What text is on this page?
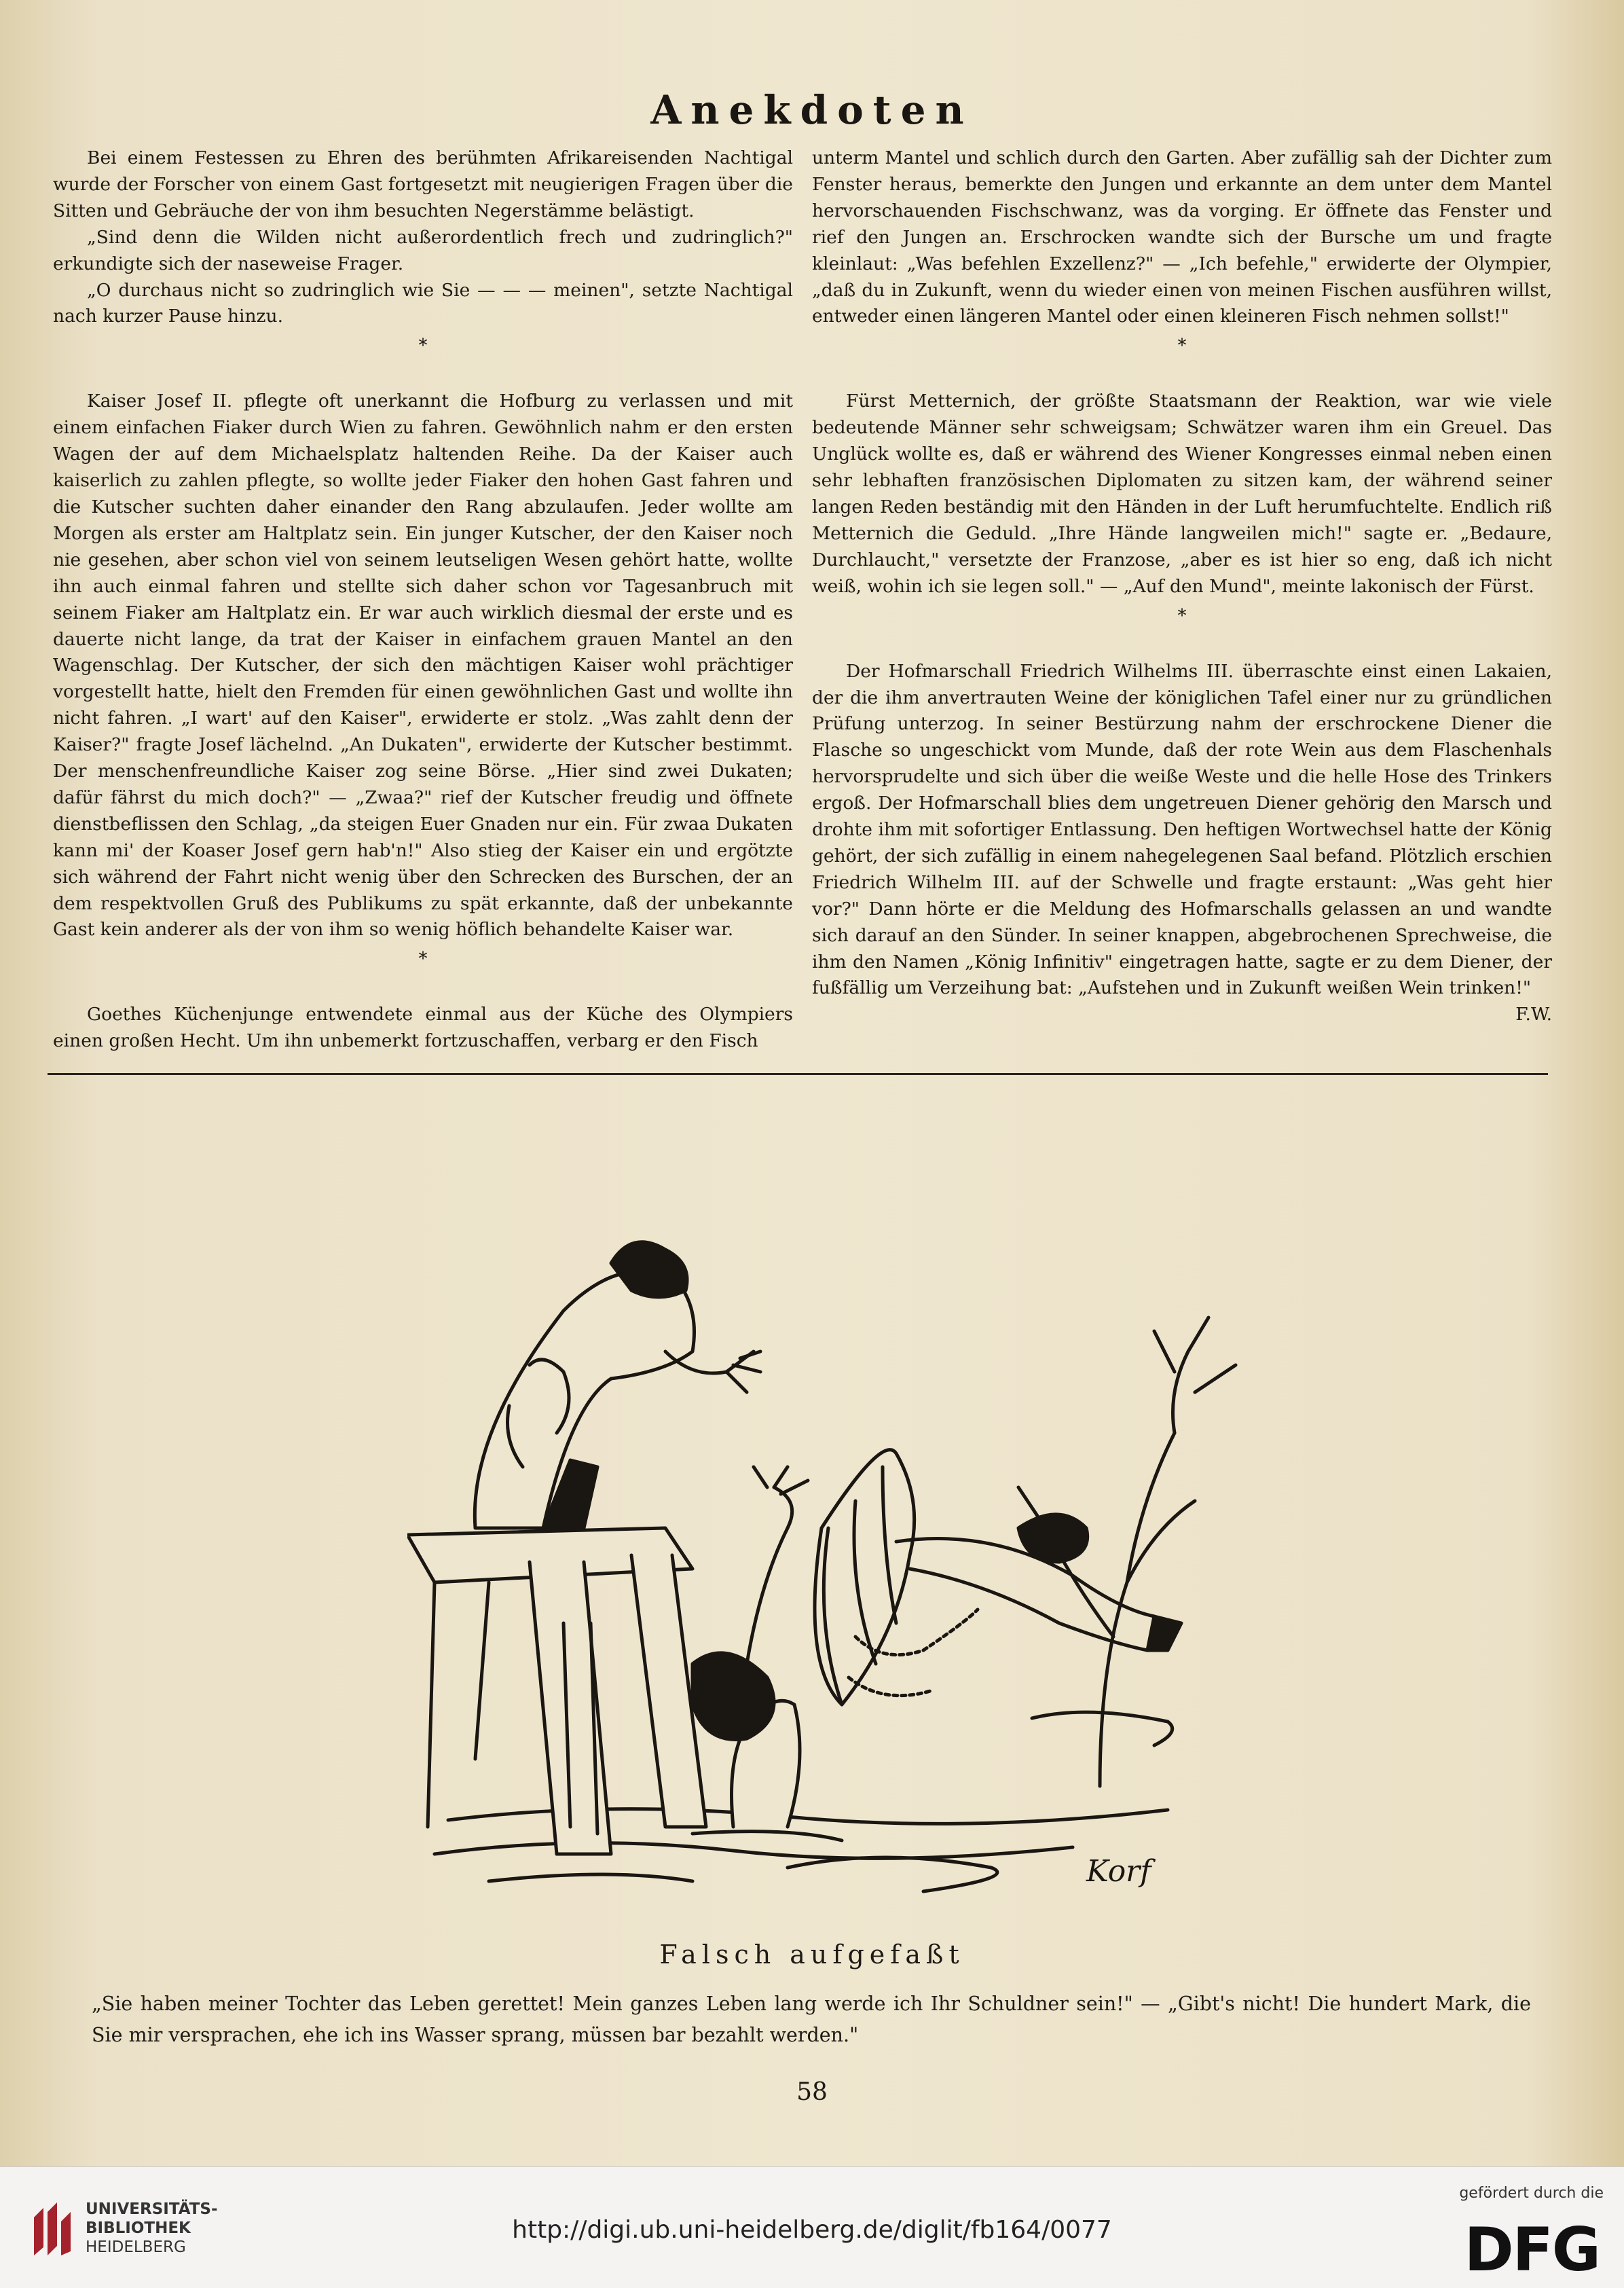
Anekdoten

Bei einem Festessen zu Ehren des berühmten Afrikareisenden Nachtigal wurde der Forscher von einem Gast fortgesetzt mit neugierigen Fragen über die Sitten und Gebräuche der von ihm besuchten Negerstämme belästigt.

„Sind denn die Wilden nicht außerordentlich frech und zudringlich?" erkundigte sich der naseweise Frager.

„O durchaus nicht so zudringlich wie Sie — — — meinen", setzte Nachtigal nach kurzer Pause hinzu.

*

Kaiser Josef II. pflegte oft unerkannt die Hofburg zu verlassen und mit einem einfachen Fiaker durch Wien zu fahren. Gewöhnlich nahm er den ersten Wagen der auf dem Michaelsplatz haltenden Reihe. Da der Kaiser auch kaiserlich zu zahlen pflegte, so wollte jeder Fiaker den hohen Gast fahren und die Kutscher suchten daher einander den Rang abzulaufen. Jeder wollte am Morgen als erster am Haltplatz sein. Ein junger Kutscher, der den Kaiser noch nie gesehen, aber schon viel von seinem leutseligen Wesen gehört hatte, wollte ihn auch einmal fahren und stellte sich daher schon vor Tagesanbruch mit seinem Fiaker am Haltplatz ein. Er war auch wirklich diesmal der erste und es dauerte nicht lange, da trat der Kaiser in einfachem grauen Mantel an den Wagenschlag. Der Kutscher, der sich den mächtigen Kaiser wohl prächtiger vorgestellt hatte, hielt den Fremden für einen gewöhnlichen Gast und wollte ihn nicht fahren. „I wart' auf den Kaiser", erwiderte er stolz. „Was zahlt denn der Kaiser?" fragte Josef lächelnd. „An Dukaten", erwiderte der Kutscher bestimmt. Der menschenfreundliche Kaiser zog seine Börse. „Hier sind zwei Dukaten; dafür fährst du mich doch?" — „Zwaa?" rief der Kutscher freudig und öffnete dienstbeflissen den Schlag, „da steigen Euer Gnaden nur ein. Für zwaa Dukaten kann mi' der Koaser Josef gern hab'n!" Also stieg der Kaiser ein und ergötzte sich während der Fahrt nicht wenig über den Schrecken des Burschen, der an dem respektvollen Gruß des Publikums zu spät erkannte, daß der unbekannte Gast kein anderer als der von ihm so wenig höflich behandelte Kaiser war.

*

Goethes Küchenjunge entwendete einmal aus der Küche des Olympiers einen großen Hecht. Um ihn unbemerkt fortzuschaffen, verbarg er den Fisch

unterm Mantel und schlich durch den Garten. Aber zufällig sah der Dichter zum Fenster heraus, bemerkte den Jungen und erkannte an dem unter dem Mantel hervorschauenden Fischschwanz, was da vorging. Er öffnete das Fenster und rief den Jungen an. Erschrocken wandte sich der Bursche um und fragte kleinlaut: „Was befehlen Exzellenz?" — „Ich befehle," erwiderte der Olympier, „daß du in Zukunft, wenn du wieder einen von meinen Fischen ausführen willst, entweder einen längeren Mantel oder einen kleineren Fisch nehmen sollst!"

*

Fürst Metternich, der größte Staatsmann der Reaktion, war wie viele bedeutende Männer sehr schweigsam; Schwätzer waren ihm ein Greuel. Das Unglück wollte es, daß er während des Wiener Kongresses einmal neben einen sehr lebhaften französischen Diplomaten zu sitzen kam, der während seiner langen Reden beständig mit den Händen in der Luft herumfuchtelte. Endlich riß Metternich die Geduld. „Ihre Hände langweilen mich!" sagte er. „Bedaure, Durchlaucht," versetzte der Franzose, „aber es ist hier so eng, daß ich nicht weiß, wohin ich sie legen soll." — „Auf den Mund", meinte lakonisch der Fürst.

*

Der Hofmarschall Friedrich Wilhelms III. überraschte einst einen Lakaien, der die ihm anvertrauten Weine der königlichen Tafel einer nur zu gründlichen Prüfung unterzog. In seiner Bestürzung nahm der erschrockene Diener die Flasche so ungeschickt vom Munde, daß der rote Wein aus dem Flaschenhals hervorsprudelte und sich über die weiße Weste und die helle Hose des Trinkers ergoß. Der Hofmarschall blies dem ungetreuen Diener gehörig den Marsch und drohte ihm mit sofortiger Entlassung. Den heftigen Wortwechsel hatte der König gehört, der sich zufällig in einem nahegelegenen Saal befand. Plötzlich erschien Friedrich Wilhelm III. auf der Schwelle und fragte erstaunt: „Was geht hier vor?" Dann hörte er die Meldung des Hofmarschalls gelassen an und wandte sich darauf an den Sünder. In seiner knappen, abgebrochenen Sprechweise, die ihm den Namen „König Infinitiv" eingetragen hatte, sagte er zu dem Diener, der fußfällig um Verzeihung bat: „Aufstehen und in Zukunft weißen Wein trinken!"
F.W.

Korf
Falsch aufgefaßt
„Sie haben meiner Tochter das Leben gerettet! Mein ganzes Leben lang werde ich Ihr Schuldner sein!" — „Gibt's nicht! Die hundert Mark, die Sie mir versprachen, ehe ich ins Wasser sprang, müssen bar bezahlt werden."
58
UNIVERSITÄTS-
BIBLIOTHEK
HEIDELBERG
http://digi.ub.uni-heidelberg.de/diglit/fb164/0077
gefördert durch die
DFG
